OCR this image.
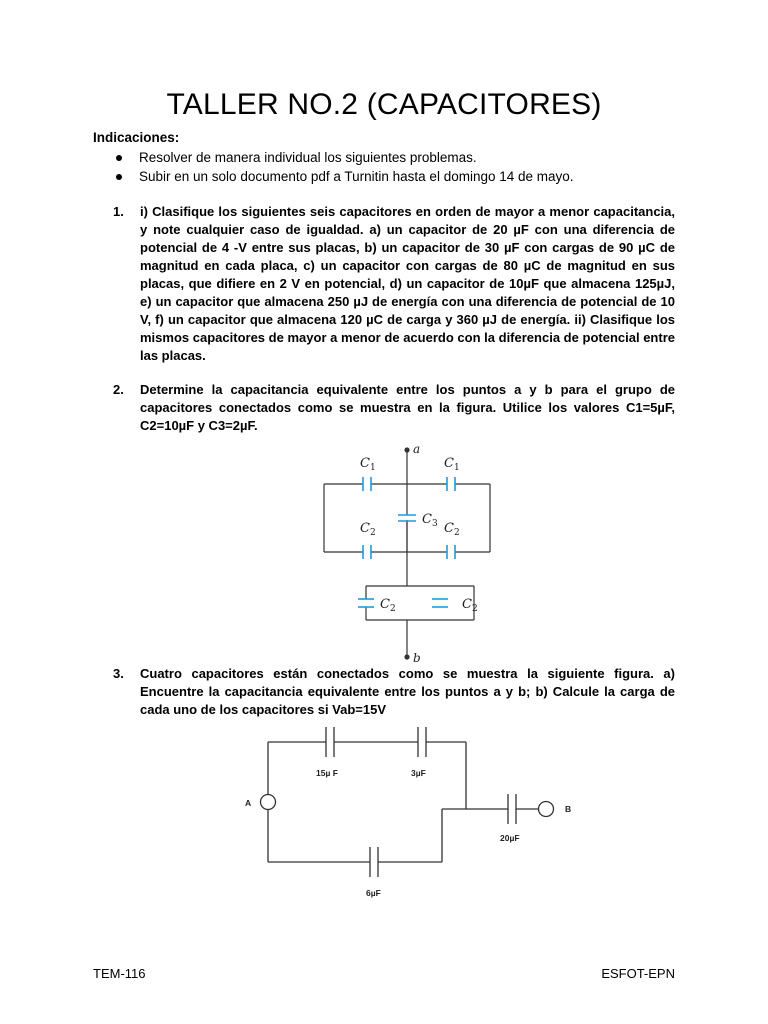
TALLER NO.2 (CAPACITORES)
Indicaciones:
Resolver de manera individual los siguientes problemas.
Subir en un solo documento pdf a Turnitin hasta el domingo 14 de mayo.
1. i) Clasifique los siguientes seis capacitores en orden de mayor a menor capacitancia, y note cualquier caso de igualdad. a) un capacitor de 20 µF con una diferencia de potencial de 4 -V entre sus placas, b) un capacitor de 30 µF con cargas de 90 µC de magnitud en cada placa, c) un capacitor con cargas de 80 µC de magnitud en sus placas, que difiere en 2 V en potencial, d) un capacitor de 10µF que almacena 125µJ, e) un capacitor que almacena 250 µJ de energía con una diferencia de potencial de 10 V, f) un capacitor que almacena 120 µC de carga y 360 µJ de energía. ii) Clasifique los mismos capacitores de mayor a menor de acuerdo con la diferencia de potencial entre las placas.
2. Determine la capacitancia equivalente entre los puntos a y b para el grupo de capacitores conectados como se muestra en la figura. Utilice los valores C1=5µF, C2=10µF y C3=2µF.
a
b
$C_1$	$C_1$
$C_3$
$C_2$	$C_2$
$C_2$	$C_2$
3. Cuatro capacitores están conectados como se muestra la siguiente figura. a) Encuentre la capacitancia equivalente entre los puntos a y b; b) Calcule la carga de cada uno de los capacitores si Vab=15V
A
B
15µ F	3µF
20µF
6µF
TEM-116	ESFOT-EPN
